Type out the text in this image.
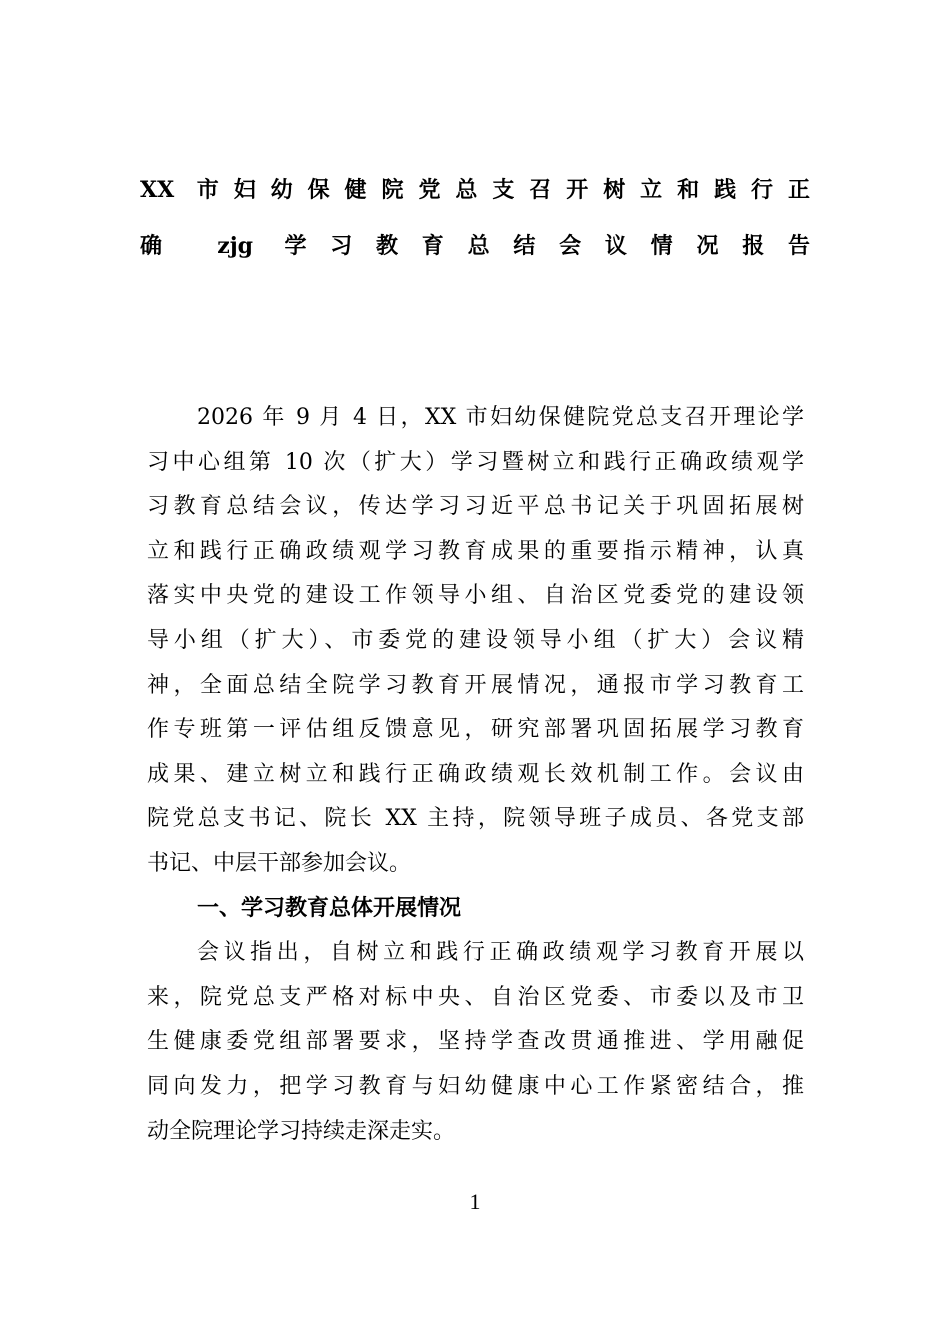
XX 市妇幼保健院党总支召开树立和践行正
确 zjg 学习教育总结会议情况报告
2026 年 9 月 4 日，XX 市妇幼保健院党总支召开理论学
习中心组第 10 次（扩大）学习暨树立和践行正确政绩观学
习教育总结会议，传达学习习近平总书记关于巩固拓展树
立和践行正确政绩观学习教育成果的重要指示精神，认真
落实中央党的建设工作领导小组、自治区党委党的建设领
导小组（扩大）、市委党的建设领导小组（扩大）会议精
神，全面总结全院学习教育开展情况，通报市学习教育工
作专班第一评估组反馈意见，研究部署巩固拓展学习教育
成果、建立树立和践行正确政绩观长效机制工作。会议由
院党总支书记、院长 XX 主持，院领导班子成员、各党支部
书记、中层干部参加会议。
一、学习教育总体开展情况
会议指出，自树立和践行正确政绩观学习教育开展以
来，院党总支严格对标中央、自治区党委、市委以及市卫
生健康委党组部署要求，坚持学查改贯通推进、学用融促
同向发力，把学习教育与妇幼健康中心工作紧密结合，推
动全院理论学习持续走深走实。
1
